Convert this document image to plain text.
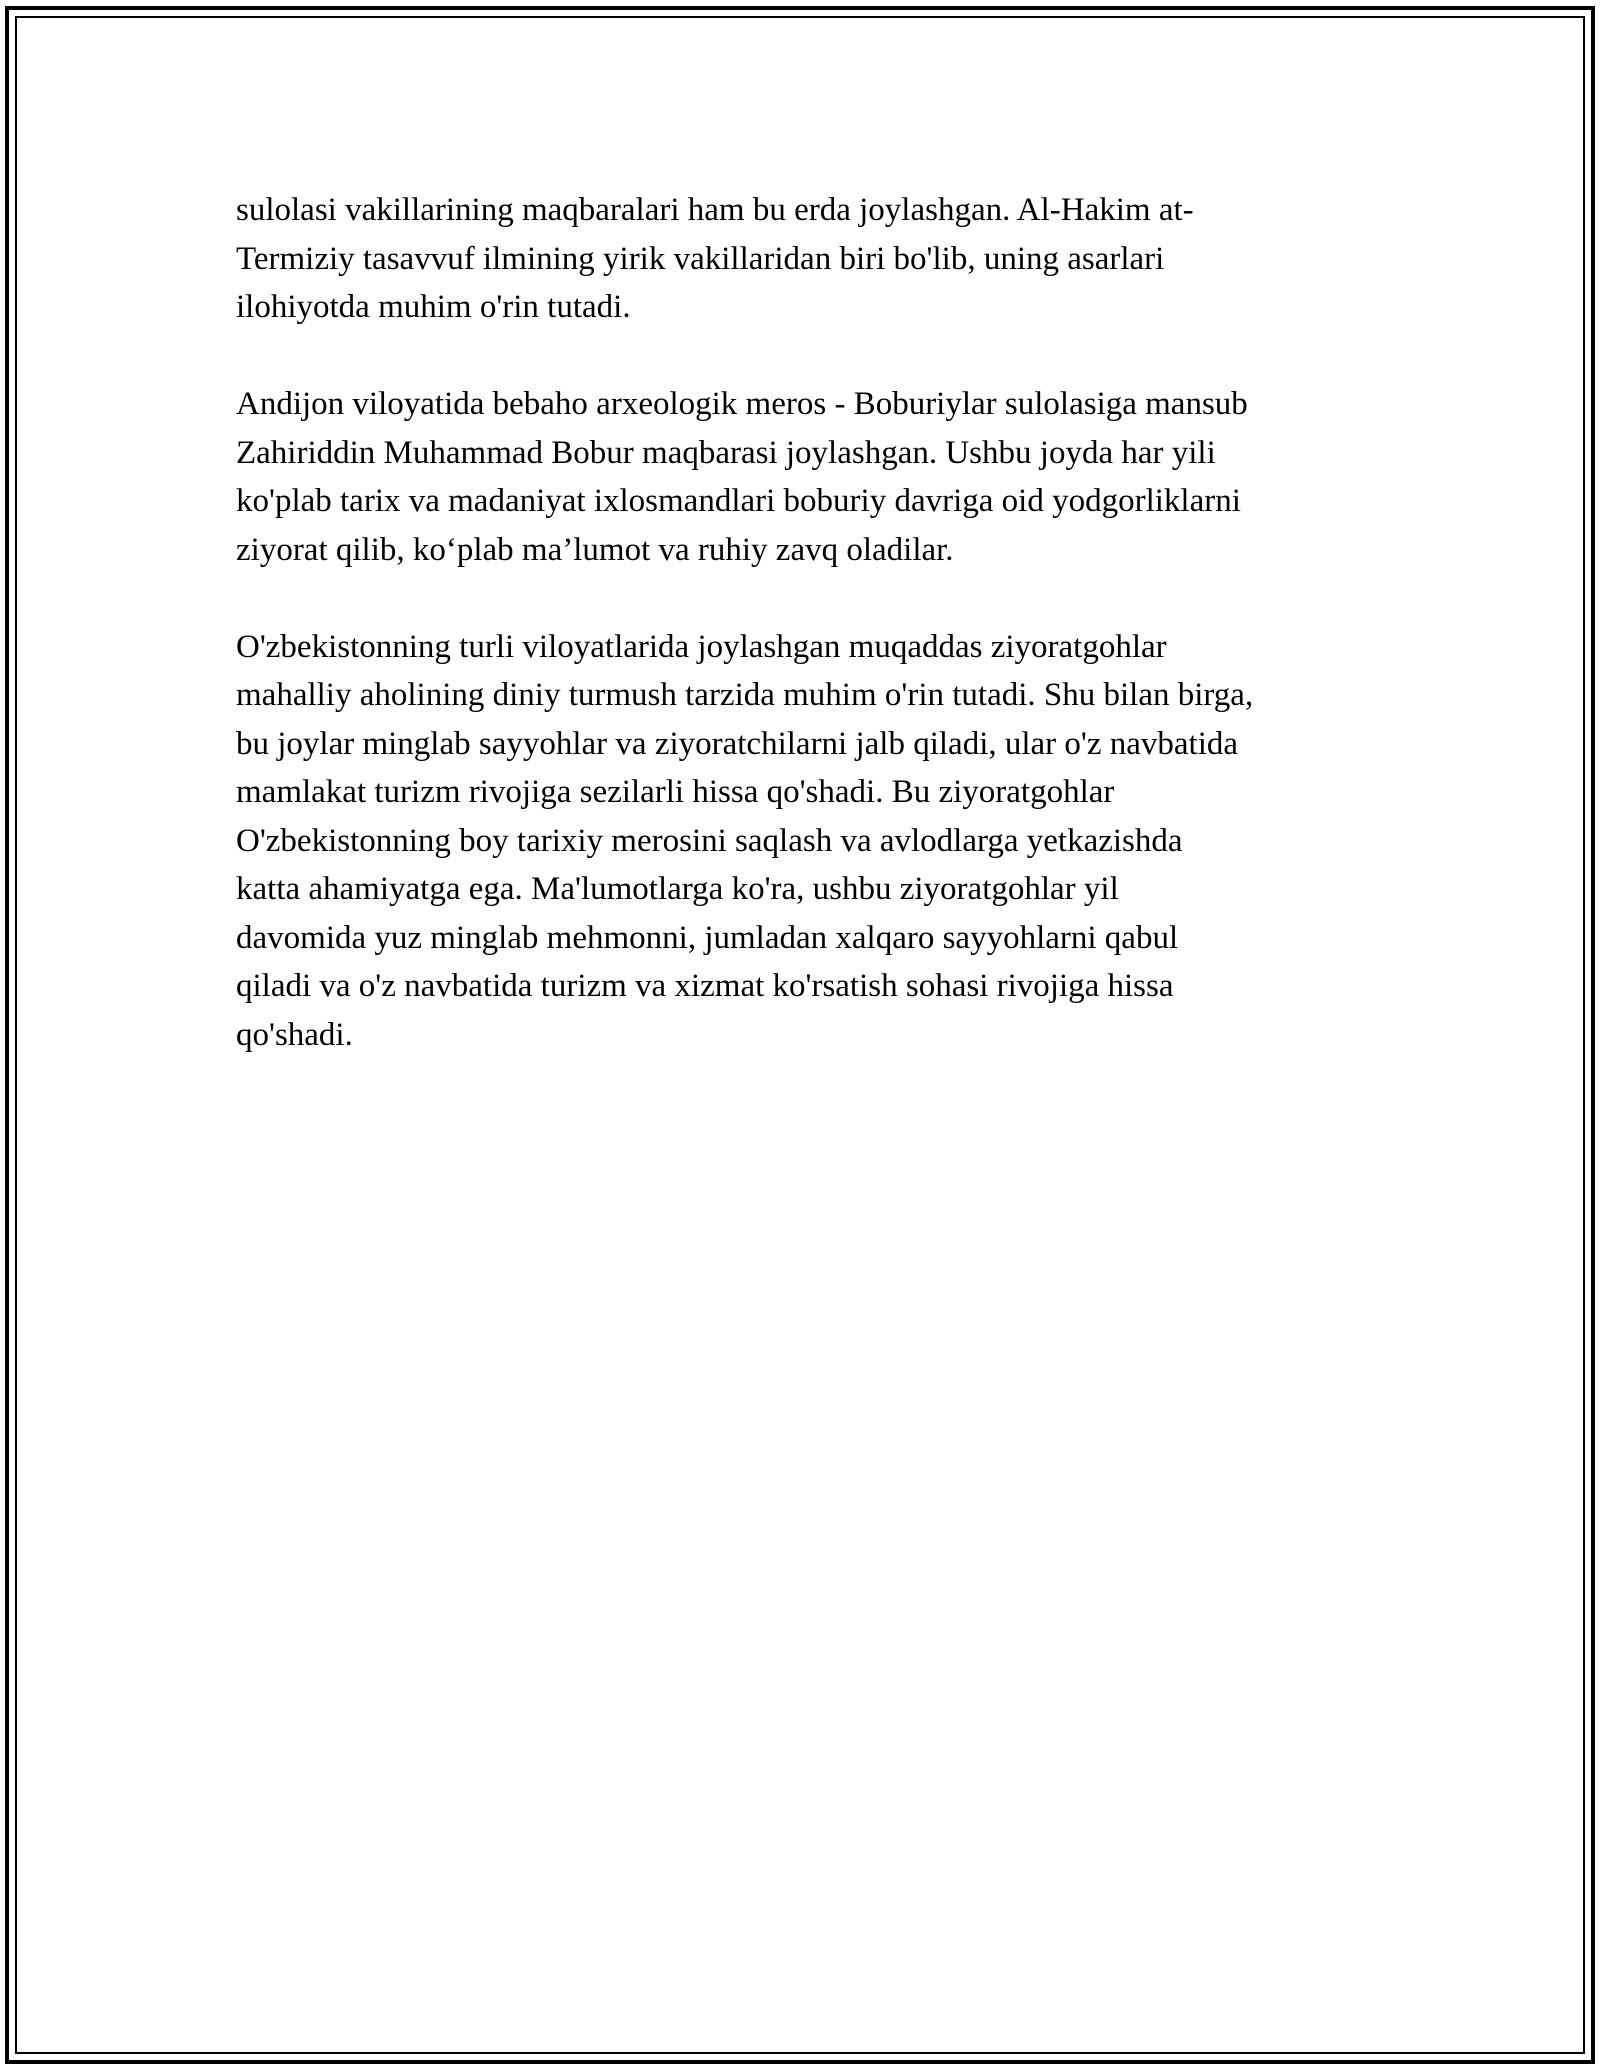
sulolasi vakillarining maqbaralari ham bu erda joylashgan. Al-Hakim at-
Termiziy tasavvuf ilmining yirik vakillaridan biri bo'lib, uning asarlari
ilohiyotda muhim o'rin tutadi.

Andijon viloyatida bebaho arxeologik meros - Boburiylar sulolasiga mansub
Zahiriddin Muhammad Bobur maqbarasi joylashgan. Ushbu joyda har yili
ko'plab tarix va madaniyat ixlosmandlari boburiy davriga oid yodgorliklarni
ziyorat qilib, ko‘plab ma’lumot va ruhiy zavq oladilar.

O'zbekistonning turli viloyatlarida joylashgan muqaddas ziyoratgohlar
mahalliy aholining diniy turmush tarzida muhim o'rin tutadi. Shu bilan birga,
bu joylar minglab sayyohlar va ziyoratchilarni jalb qiladi, ular o'z navbatida
mamlakat turizm rivojiga sezilarli hissa qo'shadi. Bu ziyoratgohlar
O'zbekistonning boy tarixiy merosini saqlash va avlodlarga yetkazishda
katta ahamiyatga ega. Ma'lumotlarga ko'ra, ushbu ziyoratgohlar yil
davomida yuz minglab mehmonni, jumladan xalqaro sayyohlarni qabul
qiladi va o'z navbatida turizm va xizmat ko'rsatish sohasi rivojiga hissa
qo'shadi.
